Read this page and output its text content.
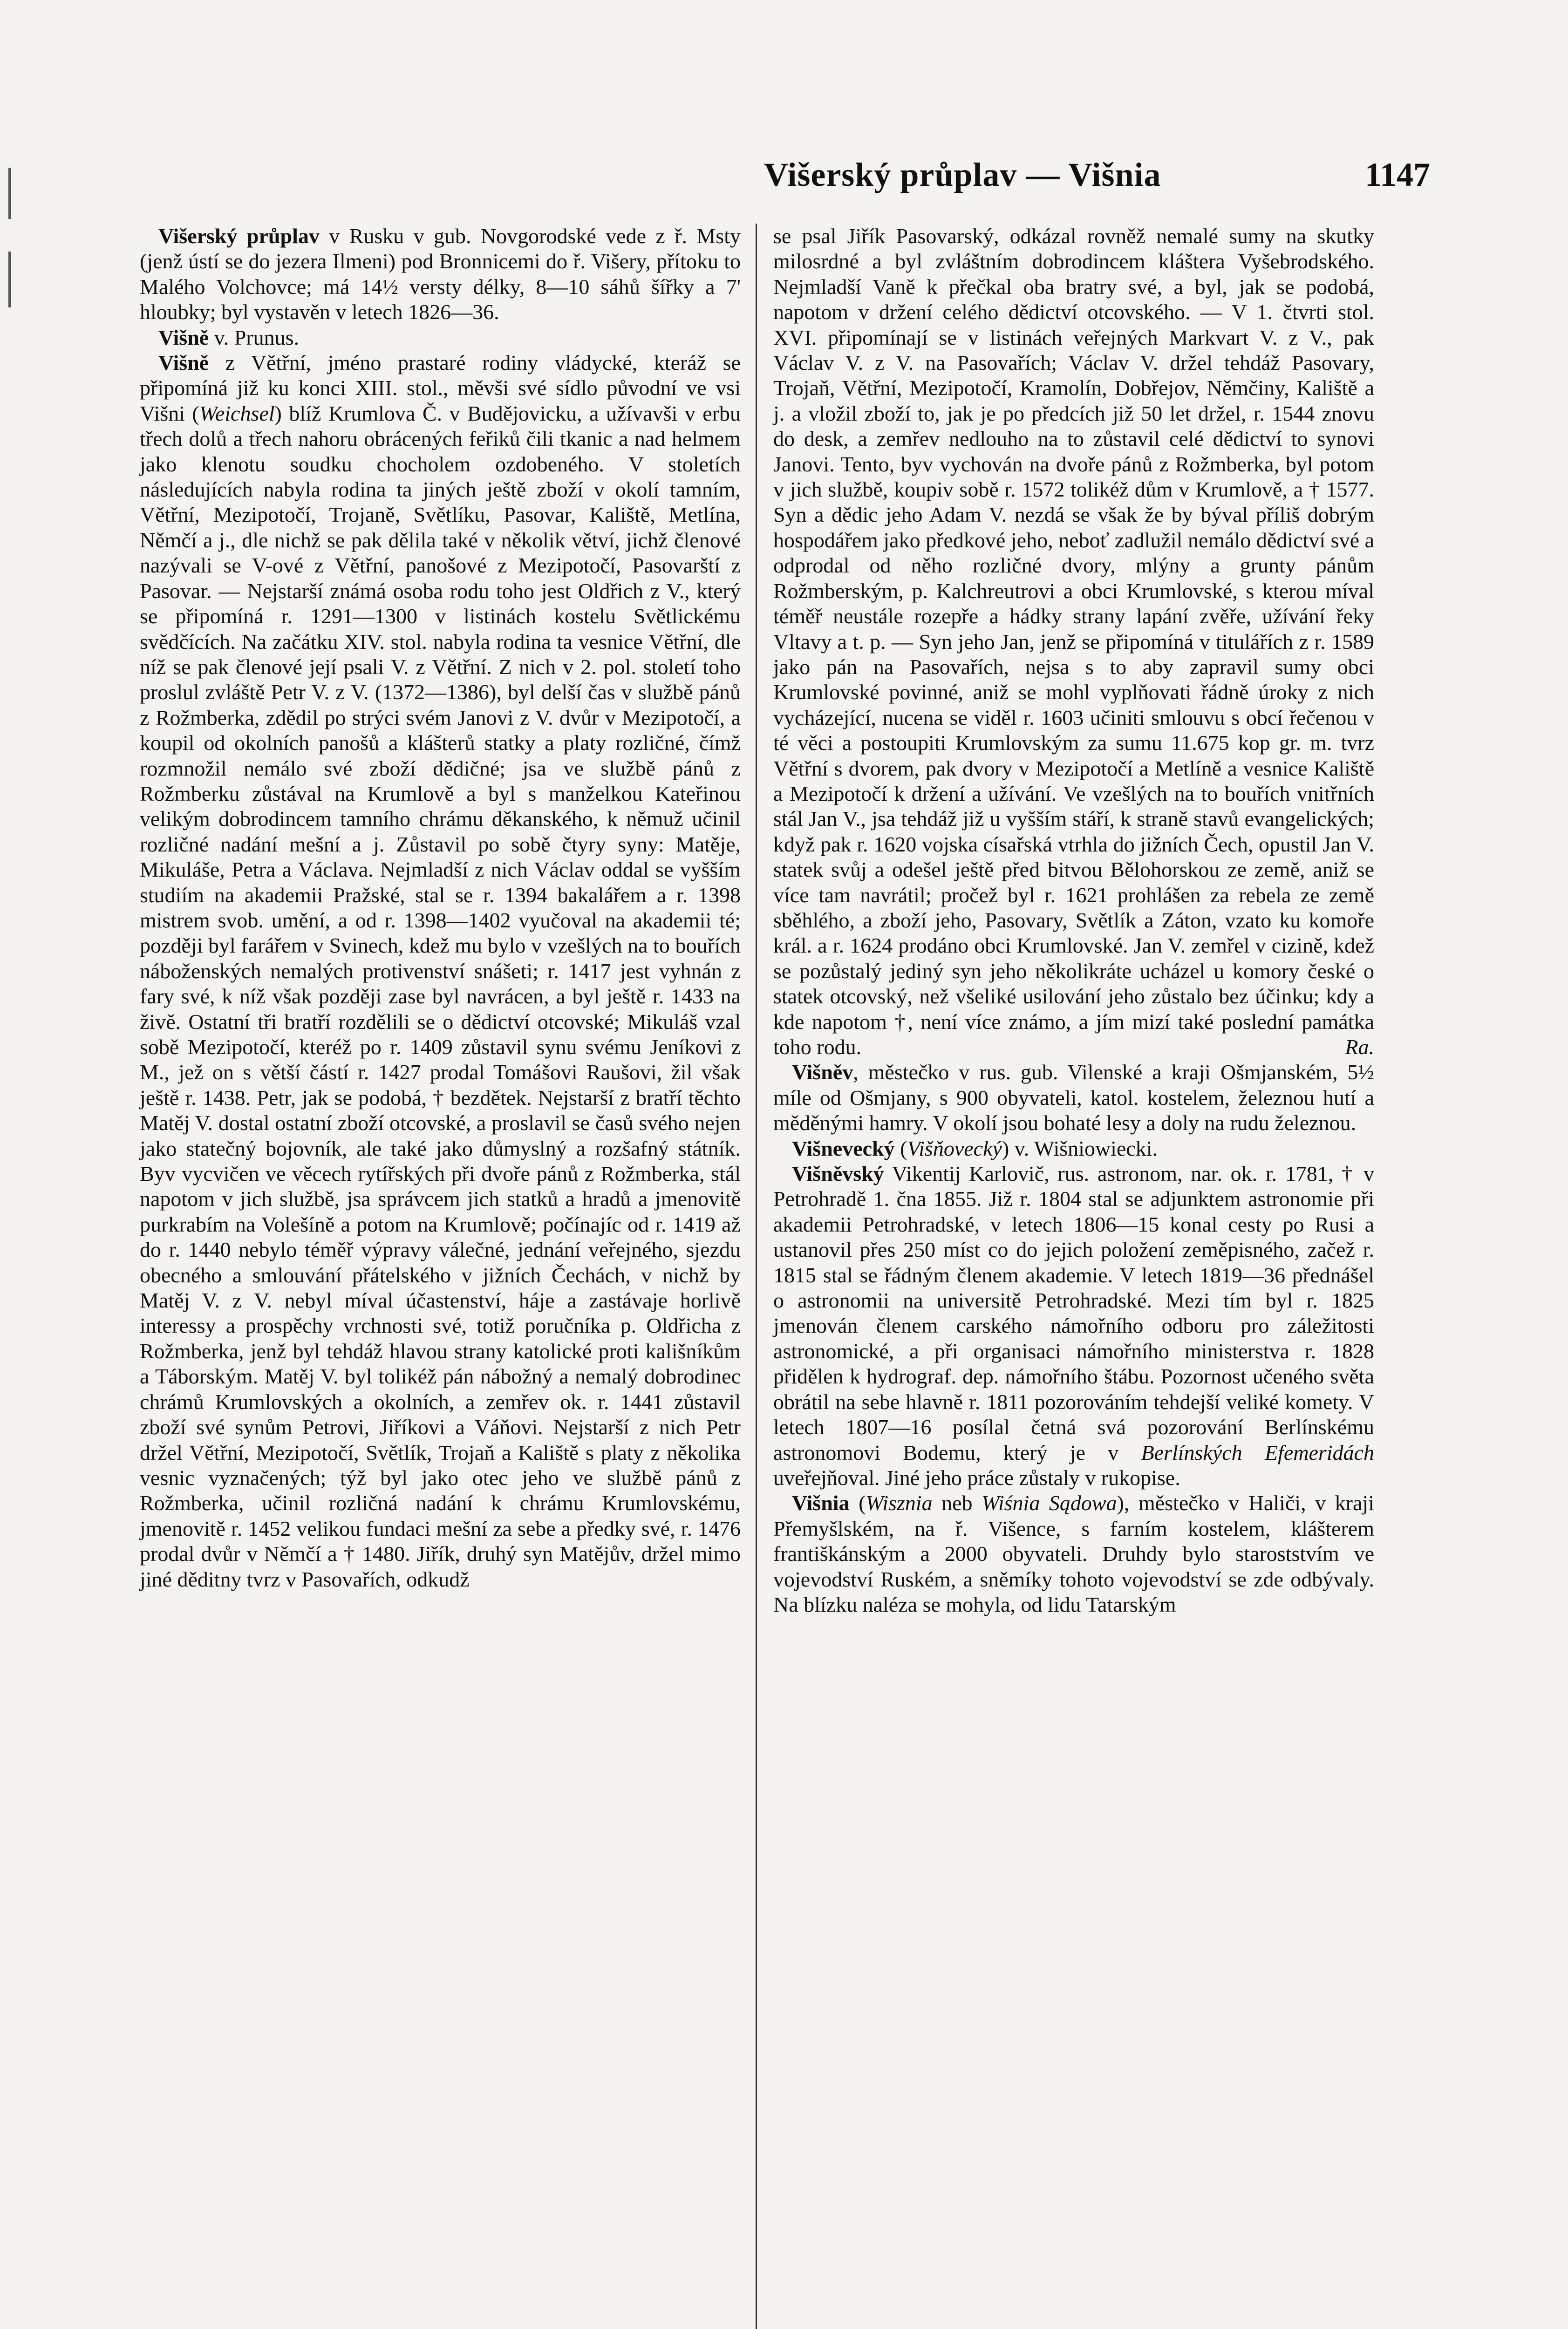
Višerský průplav — Višnia	1147

Višerský průplav v Rusku v gub. Novgorodské vede z ř. Msty (jenž ústí se do jezera Ilmeni) pod Bronnicemi do ř. Višery, přítoku to Malého Volchovce; má 14½ versty délky, 8—10 sáhů šířky a 7' hloubky; byl vystavěn v letech 1826—36.

Višně v. Prunus.

Višně z Větřní, jméno prastaré rodiny vládycké, kteráž se připomíná již ku konci XIII. stol., měvši své sídlo původní ve vsi Višni (Weichsel) blíž Krumlova Č. v Budějovicku, a užívavši v erbu třech dolů a třech nahoru obrácených feřiků čili tkanic a nad helmem jako klenotu soudku chocholem ozdobeného. V stoletích následujících nabyla rodina ta jiných ještě zboží v okolí tamním, Větřní, Mezipotočí, Trojaně, Světlíku, Pasovar, Kaliště, Metlína, Němčí a j., dle nichž se pak dělila také v několik větví, jichž členové nazývali se V-ové z Větřní, panošové z Mezipotočí, Pasovarští z Pasovar. — Nejstarší známá osoba rodu toho jest Oldřich z V., který se připomíná r. 1291—1300 v listinách kostelu Světlickému svědčících. Na začátku XIV. stol. nabyla rodina ta vesnice Větřní, dle níž se pak členové její psali V. z Větřní. Z nich v 2. pol. století toho proslul zvláště Petr V. z V. (1372—1386), byl delší čas v službě pánů z Rožmberka, zdědil po strýci svém Janovi z V. dvůr v Mezipotočí, a koupil od okolních panošů a klášterů statky a platy rozličné, čímž rozmnožil nemálo své zboží dědičné; jsa ve službě pánů z Rožmberku zůstával na Krumlově a byl s manželkou Kateřinou velikým dobrodincem tamního chrámu děkanského, k němuž učinil rozličné nadání mešní a j. Zůstavil po sobě čtyry syny: Matěje, Mikuláše, Petra a Václava. Nejmladší z nich Václav oddal se vyšším studiím na akademii Pražské, stal se r. 1394 bakalářem a r. 1398 mistrem svob. umění, a od r. 1398—1402 vyučoval na akademii té; později byl farářem v Svinech, kdež mu bylo v vzešlých na to bouřích náboženských nemalých protivenství snášeti; r. 1417 jest vyhnán z fary své, k níž však později zase byl navrácen, a byl ještě r. 1433 na živě. Ostatní tři bratří rozdělili se o dědictví otcovské; Mikuláš vzal sobě Mezipotočí, kteréž po r. 1409 zůstavil synu svému Jeníkovi z M., jež on s větší částí r. 1427 prodal Tomášovi Raušovi, žil však ještě r. 1438. Petr, jak se podobá, † bezdětek. Nejstarší z bratří těchto Matěj V. dostal ostatní zboží otcovské, a proslavil se časů svého nejen jako statečný bojovník, ale také jako důmyslný a rozšafný státník. Byv vycvičen ve věcech rytířských při dvoře pánů z Rožmberka, stál napotom v jich službě, jsa správcem jich statků a hradů a jmenovitě purkrabím na Volešíně a potom na Krumlově; počínajíc od r. 1419 až do r. 1440 nebylo téměř výpravy válečné, jednání veřejného, sjezdu obecného a smlouvání přátelského v jižních Čechách, v nichž by Matěj V. z V. nebyl míval účastenství, háje a zastávaje horlivě interessy a prospěchy vrchnosti své, totiž poručníka p. Oldřicha z Rožmberka, jenž byl tehdáž hlavou strany katolické proti kališníkům a Táborským. Matěj V. byl tolikéž pán nábožný a nemalý dobrodinec chrámů Krumlovských a okolních, a zemřev ok. r. 1441 zůstavil zboží své synům Petrovi, Jiříkovi a Váňovi. Nejstarší z nich Petr držel Větřní, Mezipotočí, Světlík, Trojaň a Kaliště s platy z několika vesnic vyznačených; týž byl jako otec jeho ve službě pánů z Rožmberka, učinil rozličná nadání k chrámu Krumlovskému, jmenovitě r. 1452 velikou fundaci mešní za sebe a předky své, r. 1476 prodal dvůr v Němčí a † 1480. Jiřík, druhý syn Matějův, držel mimo jiné děditny tvrz v Pasovařích, odkudž

se psal Jiřík Pasovarský, odkázal rovněž nemalé sumy na skutky milosrdné a byl zvláštním dobrodincem kláštera Vyšebrodského. Nejmladší Vaně k přečkal oba bratry své, a byl, jak se podobá, napotom v držení celého dědictví otcovského. — V 1. čtvrti stol. XVI. připomínají se v listinách veřejných Markvart V. z V., pak Václav V. z V. na Pasovařích; Václav V. držel tehdáž Pasovary, Trojaň, Větřní, Mezipotočí, Kramolín, Dobřejov, Němčiny, Kaliště a j. a vložil zboží to, jak je po předcích již 50 let držel, r. 1544 znovu do desk, a zemřev nedlouho na to zůstavil celé dědictví to synovi Janovi. Tento, byv vychován na dvoře pánů z Rožmberka, byl potom v jich službě, koupiv sobě r. 1572 tolikéž dům v Krumlově, a † 1577. Syn a dědic jeho Adam V. nezdá se však že by býval příliš dobrým hospodářem jako předkové jeho, neboť zadlužil nemálo dědictví své a odprodal od něho rozličné dvory, mlýny a grunty pánům Rožmberským, p. Kalchreutrovi a obci Krumlovské, s kterou míval téměř neustále rozepře a hádky strany lapání zvěře, užívání řeky Vltavy a t. p. — Syn jeho Jan, jenž se připomíná v titulářích z r. 1589 jako pán na Pasovařích, nejsa s to aby zapravil sumy obci Krumlovské povinné, aniž se mohl vyplňovati řádně úroky z nich vycházející, nucena se viděl r. 1603 učiniti smlouvu s obcí řečenou v té věci a postoupiti Krumlovským za sumu 11.675 kop gr. m. tvrz Větřní s dvorem, pak dvory v Mezipotočí a Metlíně a vesnice Kaliště a Mezipotočí k držení a užívání. Ve vzešlých na to bouřích vnitřních stál Jan V., jsa tehdáž již u vyšším stáří, k straně stavů evangelických; když pak r. 1620 vojska císařská vtrhla do jižních Čech, opustil Jan V. statek svůj a odešel ještě před bitvou Bělohorskou ze země, aniž se více tam navrátil; pročež byl r. 1621 prohlášen za rebela ze země sběhlého, a zboží jeho, Pasovary, Světlík a Záton, vzato ku komoře král. a r. 1624 prodáno obci Krumlovské. Jan V. zemřel v cizině, kdež se pozůstalý jediný syn jeho několikráte ucházel u komory české o statek otcovský, než všeliké usilování jeho zůstalo bez účinku; kdy a kde napotom †, není více známo, a jím mizí také poslední památka toho rodu.	Ra.

Višněv, městečko v rus. gub. Vilenské a kraji Ošmjanském, 5½ míle od Ošmjany, s 900 obyvateli, katol. kostelem, železnou hutí a měděnými hamry. V okolí jsou bohaté lesy a doly na rudu železnou.

Višnevecký (Višňovecký) v. Wišniowiecki.

Višněvský Vikentij Karlovič, rus. astronom, nar. ok. r. 1781, † v Petrohradě 1. čna 1855. Již r. 1804 stal se adjunktem astronomie při akademii Petrohradské, v letech 1806—15 konal cesty po Rusi a ustanovil přes 250 míst co do jejich položení zeměpisného, začež r. 1815 stal se řádným členem akademie. V letech 1819—36 přednášel o astronomii na universitě Petrohradské. Mezi tím byl r. 1825 jmenován členem carského námořního odboru pro záležitosti astronomické, a při organisaci námořního ministerstva r. 1828 přidělen k hydrograf. dep. námořního štábu. Pozornost učeného světa obrátil na sebe hlavně r. 1811 pozorováním tehdejší veliké komety. V letech 1807—16 posílal četná svá pozorování Berlínskému astronomovi Bodemu, který je v Berlínských Efemeridách uveřejňoval. Jiné jeho práce zůstaly v rukopise.

Višnia (Wisznia neb Wiśnia Sądowa), městečko v Haliči, v kraji Přemyšlském, na ř. Višence, s farním kostelem, klášterem františkánským a 2000 obyvateli. Druhdy bylo staroststvím ve vojevodství Ruském, a sněmíky tohoto vojevodství se zde odbývaly. Na blízku naléza se mohyla, od lidu Tatarským
